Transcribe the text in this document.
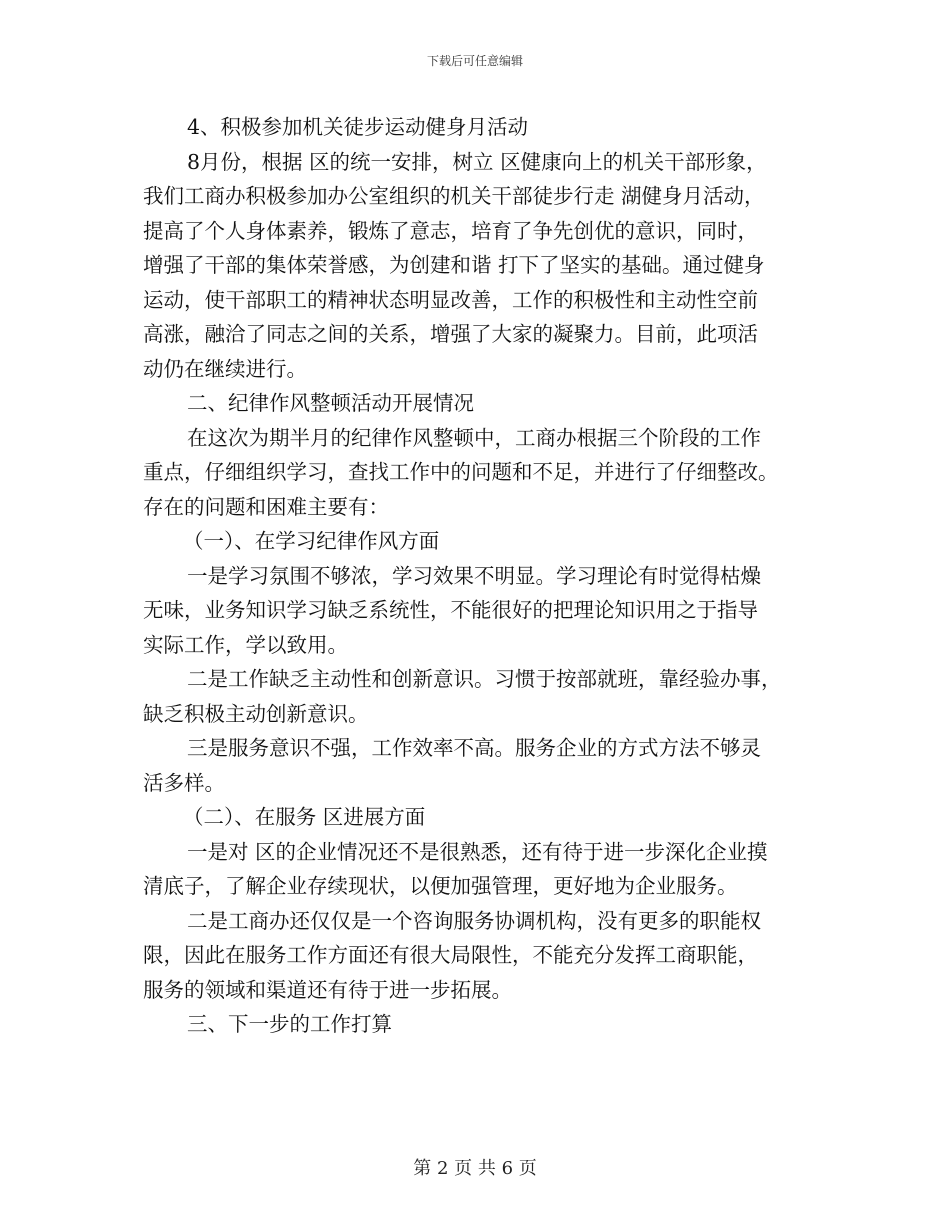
下载后可任意编辑
4、积极参加机关徒步运动健身月活动
8月份，根据 区的统一安排，树立 区健康向上的机关干部形象，
我们工商办积极参加办公室组织的机关干部徒步行走 湖健身月活动，
提高了个人身体素养，锻炼了意志，培育了争先创优的意识，同时，
增强了干部的集体荣誉感，为创建和谐 打下了坚实的基础。通过健身
运动，使干部职工的精神状态明显改善，工作的积极性和主动性空前
高涨，融洽了同志之间的关系，增强了大家的凝聚力。目前，此项活
动仍在继续进行。
二、纪律作风整顿活动开展情况
在这次为期半月的纪律作风整顿中，工商办根据三个阶段的工作
重点，仔细组织学习，查找工作中的问题和不足，并进行了仔细整改。
存在的问题和困难主要有：
（一）、在学习纪律作风方面
一是学习氛围不够浓，学习效果不明显。学习理论有时觉得枯燥
无味，业务知识学习缺乏系统性，不能很好的把理论知识用之于指导
实际工作，学以致用。
二是工作缺乏主动性和创新意识。习惯于按部就班，靠经验办事，
缺乏积极主动创新意识。
三是服务意识不强，工作效率不高。服务企业的方式方法不够灵
活多样。
（二）、在服务 区进展方面
一是对 区的企业情况还不是很熟悉，还有待于进一步深化企业摸
清底子，了解企业存续现状，以便加强管理，更好地为企业服务。
二是工商办还仅仅是一个咨询服务协调机构，没有更多的职能权
限，因此在服务工作方面还有很大局限性，不能充分发挥工商职能，
服务的领域和渠道还有待于进一步拓展。
三、下一步的工作打算
第 2 页 共 6 页
